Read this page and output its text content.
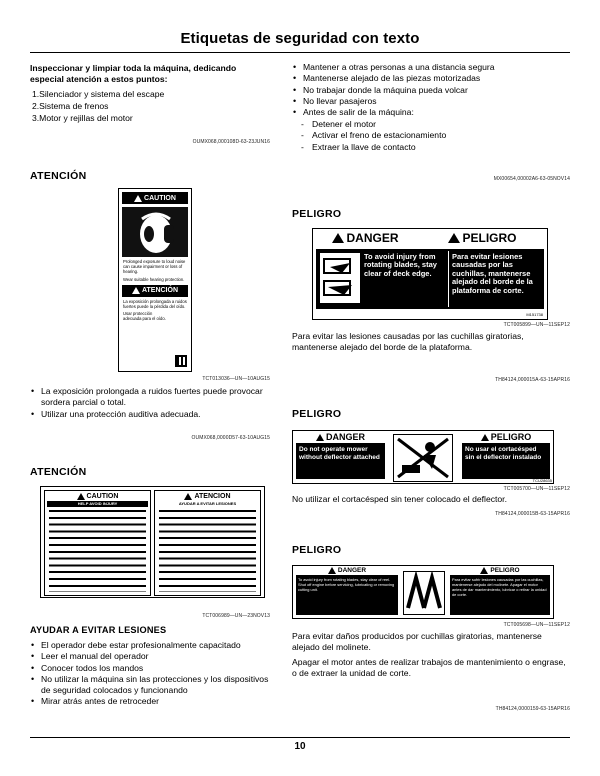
Etiquetas de seguridad con texto
Inspeccionar y limpiar toda la máquina, dedicando especial atención a estos puntos:
1.Silenciador y sistema del escape
2.Sistema de frenos
3.Motor y rejillas del motor
OUMX068,000108D-63-23JUN16
ATENCIÓN
CAUTION
Prolonged exposure to loud noise can cause impairment or loss of hearing.
Wear suitable hearing protection.
ATENCIÓN
La exposición prolongada a ruidos fuertes puede la pérdida del oído.
Usar protección adecuada para el oído.
TCT013036—UN—10AUG15
• La exposición prolongada a ruidos fuertes puede provocar sordera parcial o total.
• Utilizar una protección auditiva adecuada.
OUMX068,0000D57-63-10AUG15
ATENCIÓN
CAUTION
HELP AVOID INJURY
ATENCION
AYUDAR A EVITAR LESIONES
TCT006989—UN—23NOV13
AYUDAR A EVITAR LESIONES
• El operador debe estar profesionalmente capacitado
• Leer el manual del operador
• Conocer todos los mandos
• No utilizar la máquina sin las protecciones y los dispositivos de seguridad colocados y funcionando
• Mirar atrás antes de retroceder
• Mantener a otras personas a una distancia segura
• Mantenerse alejado de las piezas motorizadas
• No trabajar donde la máquina pueda volcar
• No llevar pasajeros
• Antes de salir de la máquina:
- Detener el motor
- Activar el freno de estacionamiento
- Extraer la llave de contacto
MX00654,00002A6-63-05NOV14
PELIGRO
DANGER	PELIGRO
To avoid injury from rotating blades, stay clear of deck edge.
Para evitar lesiones causadas por las cuchillas, mantenerse alejado del borde de la plataforma de corte.
M151738
TCT005899—UN—11SEP12
Para evitar las lesiones causadas por las cuchillas giratorias, mantenerse alejado del borde de la plataforma.
TH84124,000015A-63-15APR16
PELIGRO
DANGER
Do not operate mower without deflector attached
PELIGRO
No usar el cortacésped sin el deflector instalado
TCU28635
TCT005700—UN—11SEP12
No utilizar el cortacésped sin tener colocado el deflector.
TH84124,000015B-63-15APR16
PELIGRO
DANGER
To avoid injury from rotating blades, stay clear of reel. Shut off engine before servicing, lubricating or removing cutting unit.
PELIGRO
Para evitar sufrir lesiones causadas por las cuchillas, mantenerse alejado del molinete. Apagar el motor antes de dar mantenimiento, lubricar o retirar la unidad de corte.
TCT005698—UN—11SEP12
Para evitar daños producidos por cuchillas giratorias, mantenerse alejado del molinete.
Apagar el motor antes de realizar trabajos de mantenimiento o engrase, o de extraer la unidad de corte.
TH84124,0000159-63-15APR16
10
